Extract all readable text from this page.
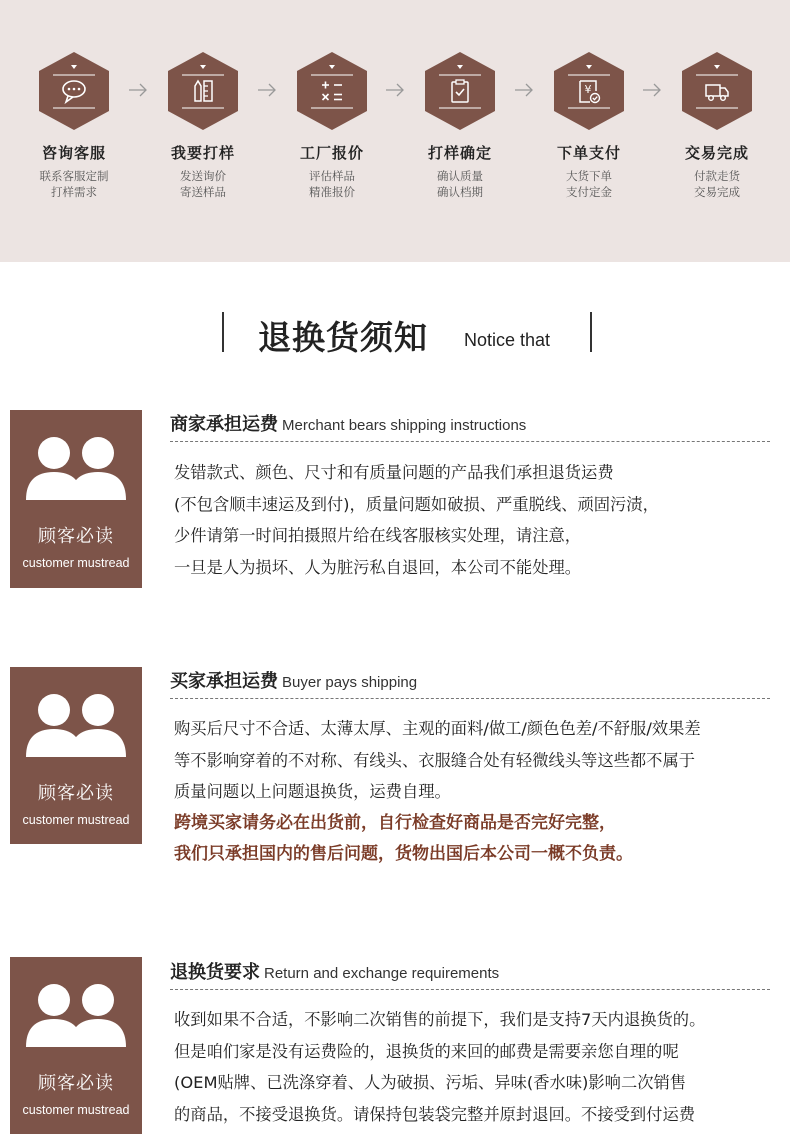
咨询客服
联系客服定制
打样需求
我要打样
发送询价
寄送样品
工厂报价
评估样品
精准报价
打样确定
确认质量
确认档期
¥
下单支付
大货下单
支付定金
交易完成
付款走货
交易完成
退换货须知 Notice that
顾客必读
customer mustread
商家承担运费 Merchant bears shipping instructions
发错款式、颜色、尺寸和有质量问题的产品我们承担退货运费
(不包含顺丰速运及到付)，质量问题如破损、严重脱线、顽固污渍，
少件请第一时间拍摄照片给在线客服核实处理，请注意，
一旦是人为损坏、人为脏污私自退回，本公司不能处理。
顾客必读
customer mustread
买家承担运费 Buyer pays shipping
购买后尺寸不合适、太薄太厚、主观的面料/做工/颜色色差/不舒服/效果差
等不影响穿着的不对称、有线头、衣服缝合处有轻微线头等这些都不属于
质量问题以上问题退换货，运费自理。
跨境买家请务必在出货前，自行检查好商品是否完好完整，
我们只承担国内的售后问题，货物出国后本公司一概不负责。
顾客必读
customer mustread
退换货要求 Return and exchange requirements
收到如果不合适，不影响二次销售的前提下，我们是支持7天内退换货的。
但是咱们家是没有运费险的，退换货的来回的邮费是需要亲您自理的呢
(OEM贴牌、已洗涤穿着、人为破损、污垢、异味(香水味)影响二次销售
的商品，不接受退换货。请保持包装袋完整并原封退回。不接受到付运费
